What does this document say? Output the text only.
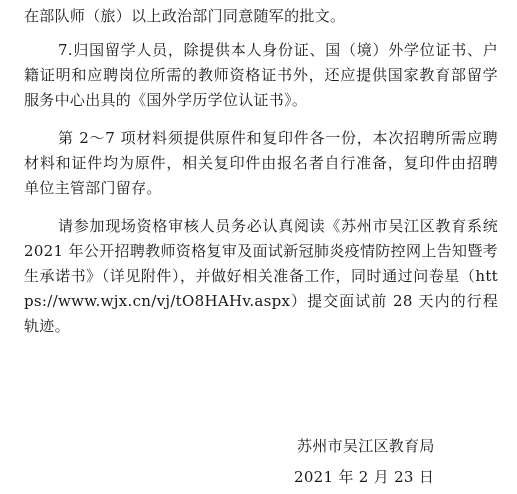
在部队师（旅）以上政治部门同意随军的批文。

7.归国留学人员，除提供本人身份证、国（境）外学位证书、户籍证明和应聘岗位所需的教师资格证书外，还应提供国家教育部留学服务中心出具的《国外学历学位认证书》。

第 2～7 项材料须提供原件和复印件各一份，本次招聘所需应聘材料和证件均为原件，相关复印件由报名者自行准备，复印件由招聘单位主管部门留存。

请参加现场资格审核人员务必认真阅读《苏州市吴江区教育系统 2021 年公开招聘教师资格复审及面试新冠肺炎疫情防控网上告知暨考生承诺书》（详见附件），并做好相关准备工作，同时通过问卷星（https://www.wjx.cn/vj/tO8HAHv.aspx）提交面试前 28 天内的行程轨迹。

苏州市吴江区教育局
2021 年 2 月 23 日
